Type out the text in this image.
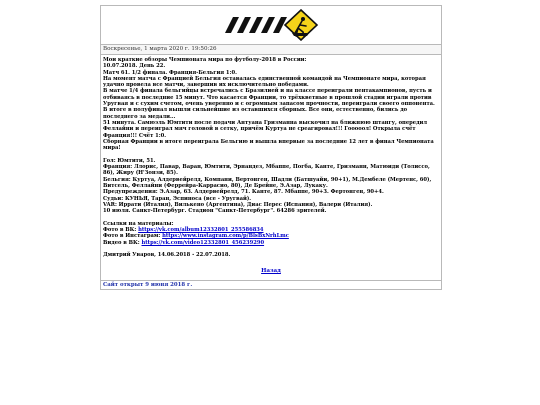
Воскресенье, 1 марта 2020 г. 19:50:26

Мои краткие обзоры Чемпионата мира по футболу-2018 в России:

10.07.2018. День 22.

Матч 61. 1/2 финала. Франция-Бельгия 1:0.

На момент матча с Францией Бельгия оставалась единственной командой на Чемпионате мира, которая удачно провела все матчи, завершив их исключительно победами.

В матче 1/4 финала бельгийцы встречались с Бразилией и на классе переиграли пентакампионов, пусть и отбиваясь в последние 15 минут. Что касается Франции, то трёхкветные в прошлой стадии играли против Уругвая и с сухим счетом, очень уверенно и с огромным запасом прочности, переиграли своего оппонента. В итоге в полуфинал вышли сильнейшие из оставшихся сборных. Все они, естественно, бились до последнего за медали...

51 минута. Самюэль Юмтити после подачи Антуана Гризманна выскочил на ближнюю штангу, опередил Феллайни и переиграл мяч головой в сетку, причём Куртуа не среагировал!!! Гооооол! Открыла счёт Франция!!! Счёт 1:0.

Сборная Франции в итоге переиграла Бельгию и вышла впервые за последние 12 лет в финал Чемпионата мира!

Гол: Юмтити, 51.

Франция: Ллорис, Павар, Варан, Юмтити, Эрнандез, Мбаппе, Погба, Канте, Гризманн, Матюиди (Толиссо, 86), Жиру (Н'Зонзи, 85).

Бельгия: Куртуа, Алдервейрелд, Компани, Вертонген, Шадли (Батшуайи, 90+1), М.Дембеле (Мертенс, 60), Витсель, Феллайни (Феррейра-Каррасио, 80), Де Брейне, Э.Азар, Лукаку.

Предупреждения: Э.Азар, 63. Алдервейрелд, 71. Канте, 87. Мбаппе, 90+3. Фертонген, 90+4.

Судьи: КУНЬЯ, Таран, Эспиноса (все - Уругвай).

VAR: Иррати (Италия), Вилькено (Аргентина), Диас Перес (Испания), Валери (Италия).

10 июля. Санкт-Петербург. Стадион "Санкт-Петербург". 64286 зрителей.

Ссылки на материалы:

Фото в ВК: https://vk.com/album12332801_255586834

Фото в Инстаграм: https://www.instagram.com/p/BlsBxNrhLmc

Видео в ВК: https://vk.com/video12332801_456239290

Дмитрий Уваров, 14.06.2018 - 22.07.2018.

Назад
Сайт открыт 9 июня 2018 г.
